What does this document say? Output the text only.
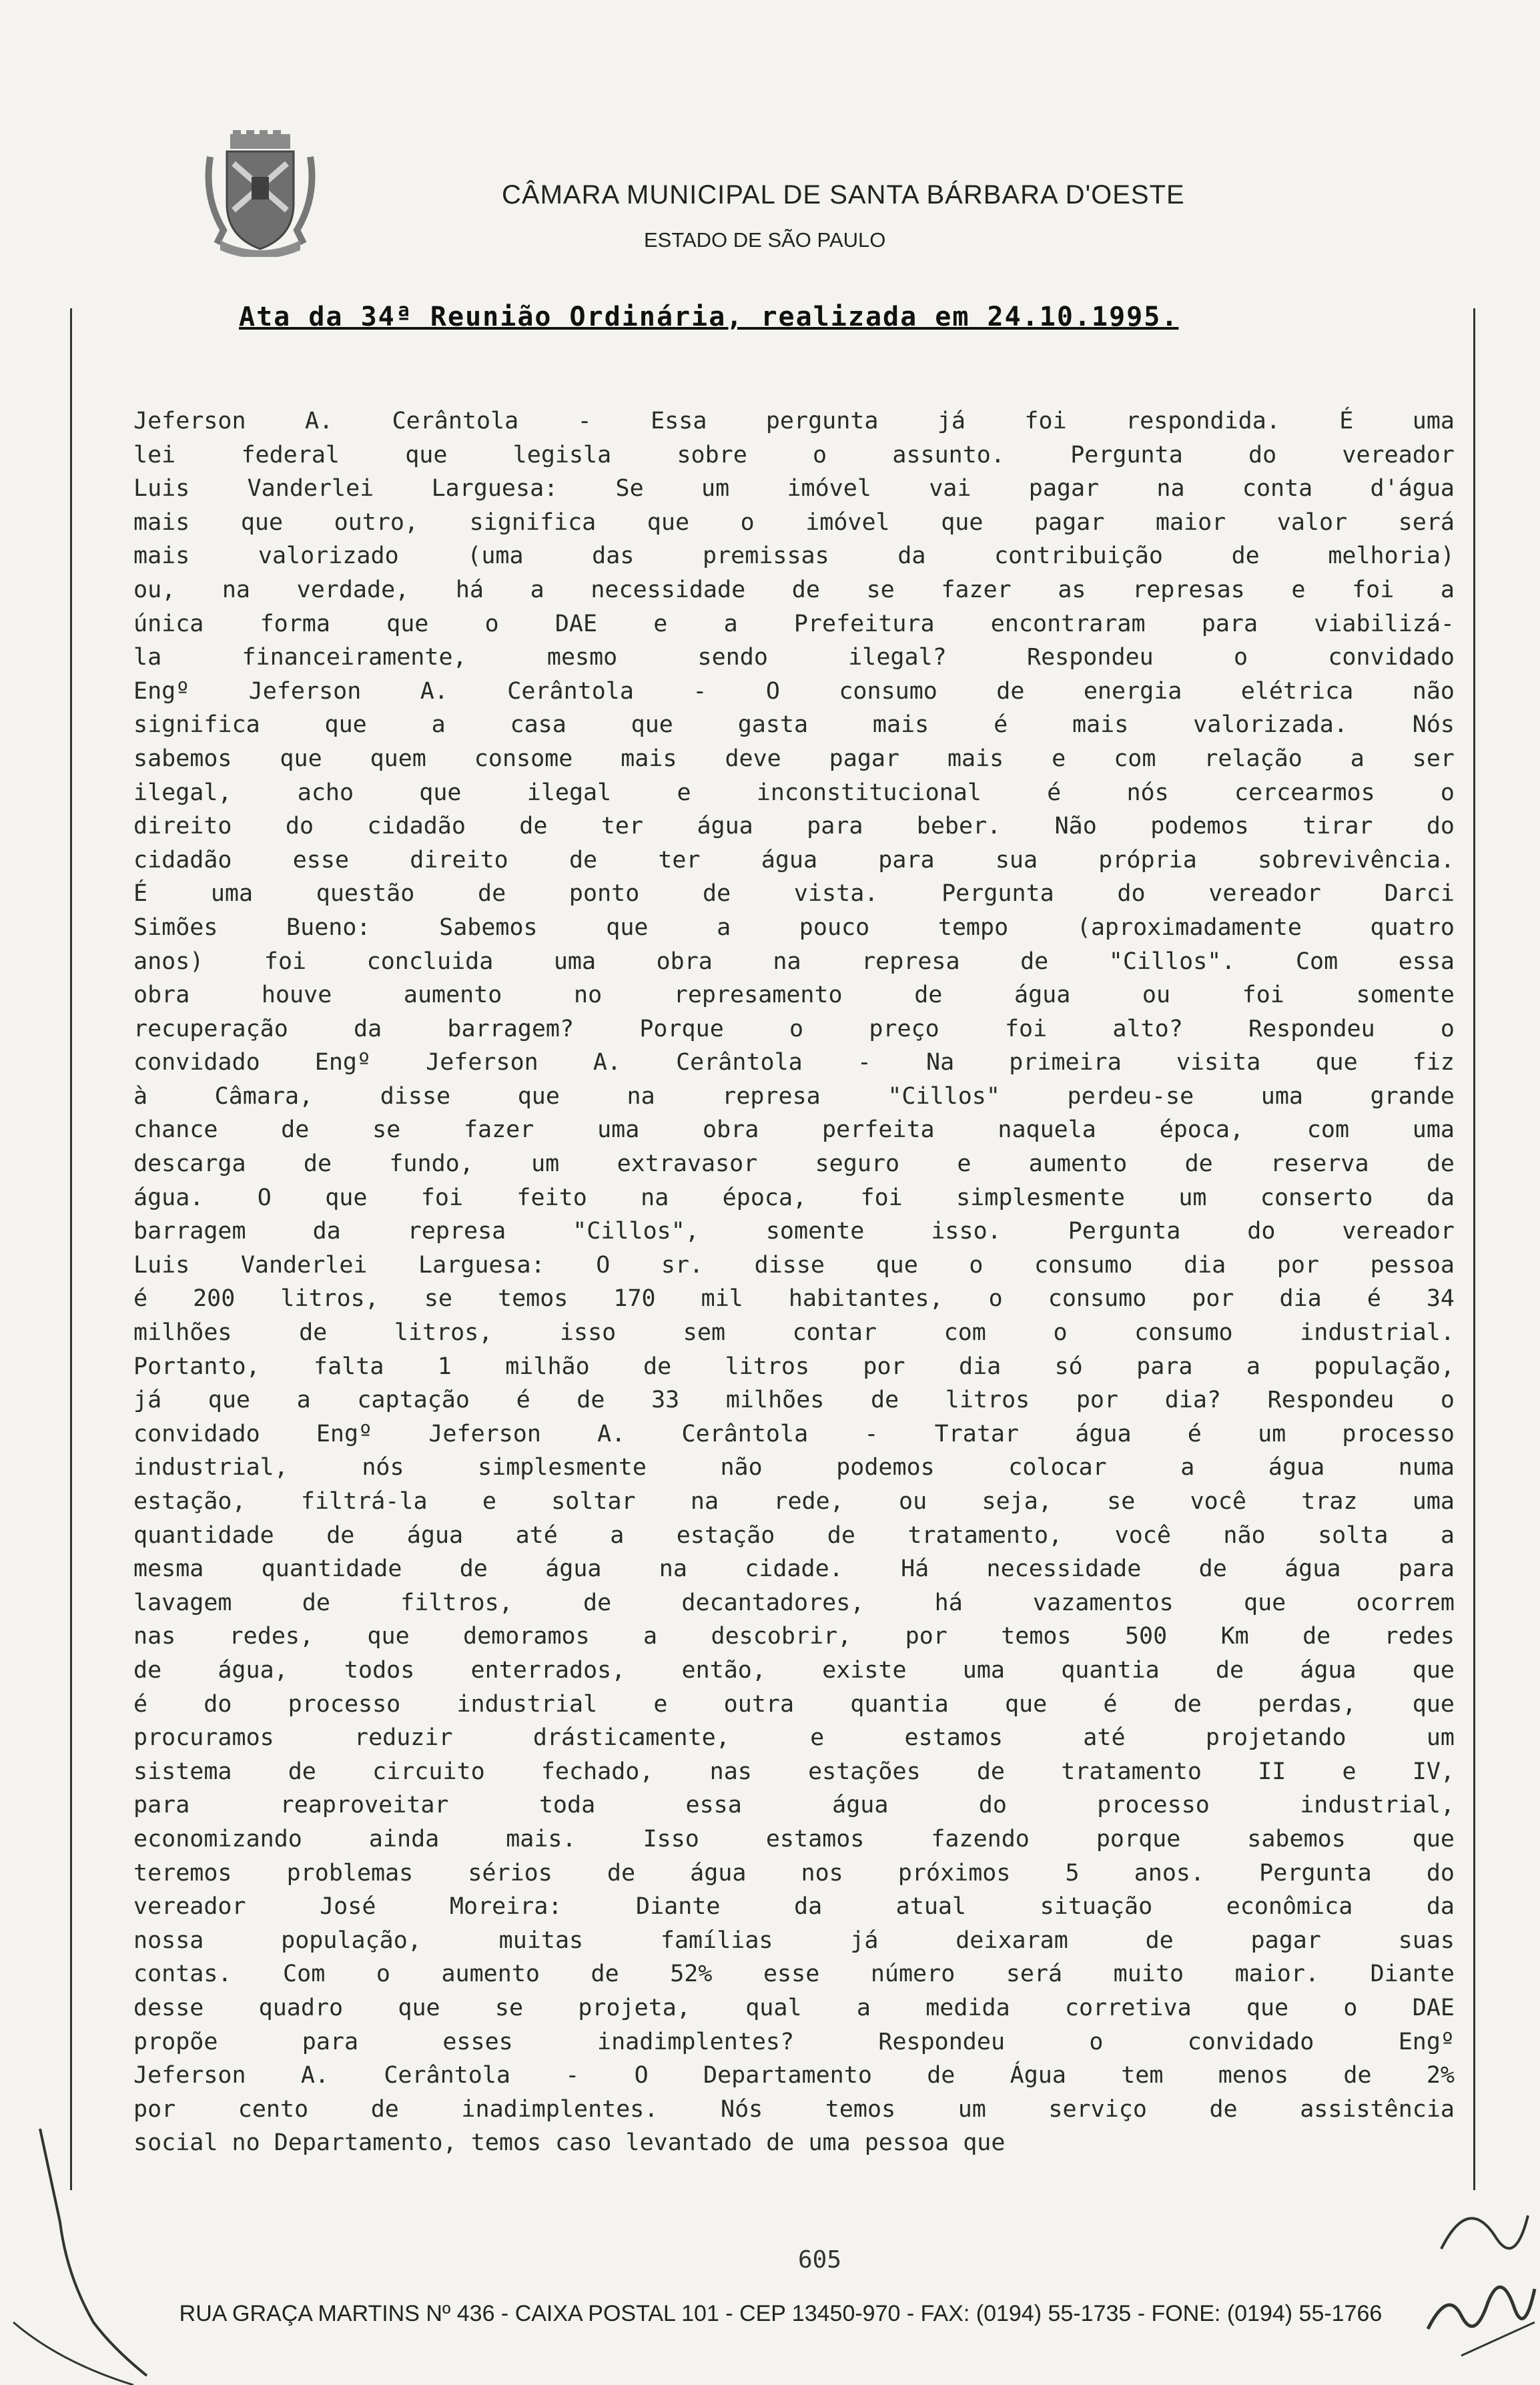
CÂMARA MUNICIPAL DE SANTA BÁRBARA D'OESTE
ESTADO DE SÃO PAULO
Ata da 34ª Reunião Ordinária, realizada em 24.10.1995.
Jeferson A. Cerântola - Essa pergunta já foi respondida. É uma
lei federal que legisla sobre o assunto. Pergunta do vereador
Luis Vanderlei Larguesa: Se um imóvel vai pagar na conta d'água
mais que outro, significa que o imóvel que pagar maior valor será
mais valorizado (uma das premissas da contribuição de melhoria)
ou, na verdade, há a necessidade de se fazer as represas e foi a
única forma que o DAE e a Prefeitura encontraram para viabilizá-
la financeiramente, mesmo sendo ilegal? Respondeu o convidado
Engº Jeferson A. Cerântola - O consumo de energia elétrica não
significa que a casa que gasta mais é mais valorizada. Nós
sabemos que quem consome mais deve pagar mais e com relação a ser
ilegal, acho que ilegal e inconstitucional é nós cercearmos o
direito do cidadão de ter água para beber. Não podemos tirar do
cidadão esse direito de ter água para sua própria sobrevivência.
É uma questão de ponto de vista. Pergunta do vereador Darci
Simões Bueno: Sabemos que a pouco tempo (aproximadamente quatro
anos) foi concluida uma obra na represa de "Cillos". Com essa
obra houve aumento no represamento de água ou foi somente
recuperação da barragem? Porque o preço foi alto? Respondeu o
convidado Engº Jeferson A. Cerântola - Na primeira visita que fiz
à Câmara, disse que na represa "Cillos" perdeu-se uma grande
chance de se fazer uma obra perfeita naquela época, com uma
descarga de fundo, um extravasor seguro e aumento de reserva de
água. O que foi feito na época, foi simplesmente um conserto da
barragem da represa "Cillos", somente isso. Pergunta do vereador
Luis Vanderlei Larguesa: O sr. disse que o consumo dia por pessoa
é 200 litros, se temos 170 mil habitantes, o consumo por dia é 34
milhões de litros, isso sem contar com o consumo industrial.
Portanto, falta 1 milhão de litros por dia só para a população,
já que a captação é de 33 milhões de litros por dia? Respondeu o
convidado Engº Jeferson A. Cerântola - Tratar água é um processo
industrial, nós simplesmente não podemos colocar a água numa
estação, filtrá-la e soltar na rede, ou seja, se você traz uma
quantidade de água até a estação de tratamento, você não solta a
mesma quantidade de água na cidade. Há necessidade de água para
lavagem de filtros, de decantadores, há vazamentos que ocorrem
nas redes, que demoramos a descobrir, por temos 500 Km de redes
de água, todos enterrados, então, existe uma quantia de água que
é do processo industrial e outra quantia que é de perdas, que
procuramos reduzir drásticamente, e estamos até projetando um
sistema de circuito fechado, nas estações de tratamento II e IV,
para reaproveitar toda essa água do processo industrial,
economizando ainda mais. Isso estamos fazendo porque sabemos que
teremos problemas sérios de água nos próximos 5 anos. Pergunta do
vereador José Moreira: Diante da atual situação econômica da
nossa população, muitas famílias já deixaram de pagar suas
contas. Com o aumento de 52% esse número será muito maior. Diante
desse quadro que se projeta, qual a medida corretiva que o DAE
propõe para esses inadimplentes? Respondeu o convidado Engº
Jeferson A. Cerântola - O Departamento de Água tem menos de 2%
por cento de inadimplentes. Nós temos um serviço de assistência
social no Departamento, temos caso levantado de uma pessoa que
605
RUA GRAÇA MARTINS Nº 436 - CAIXA POSTAL 101 - CEP 13450-970 - FAX: (0194) 55-1735 - FONE: (0194) 55-1766
